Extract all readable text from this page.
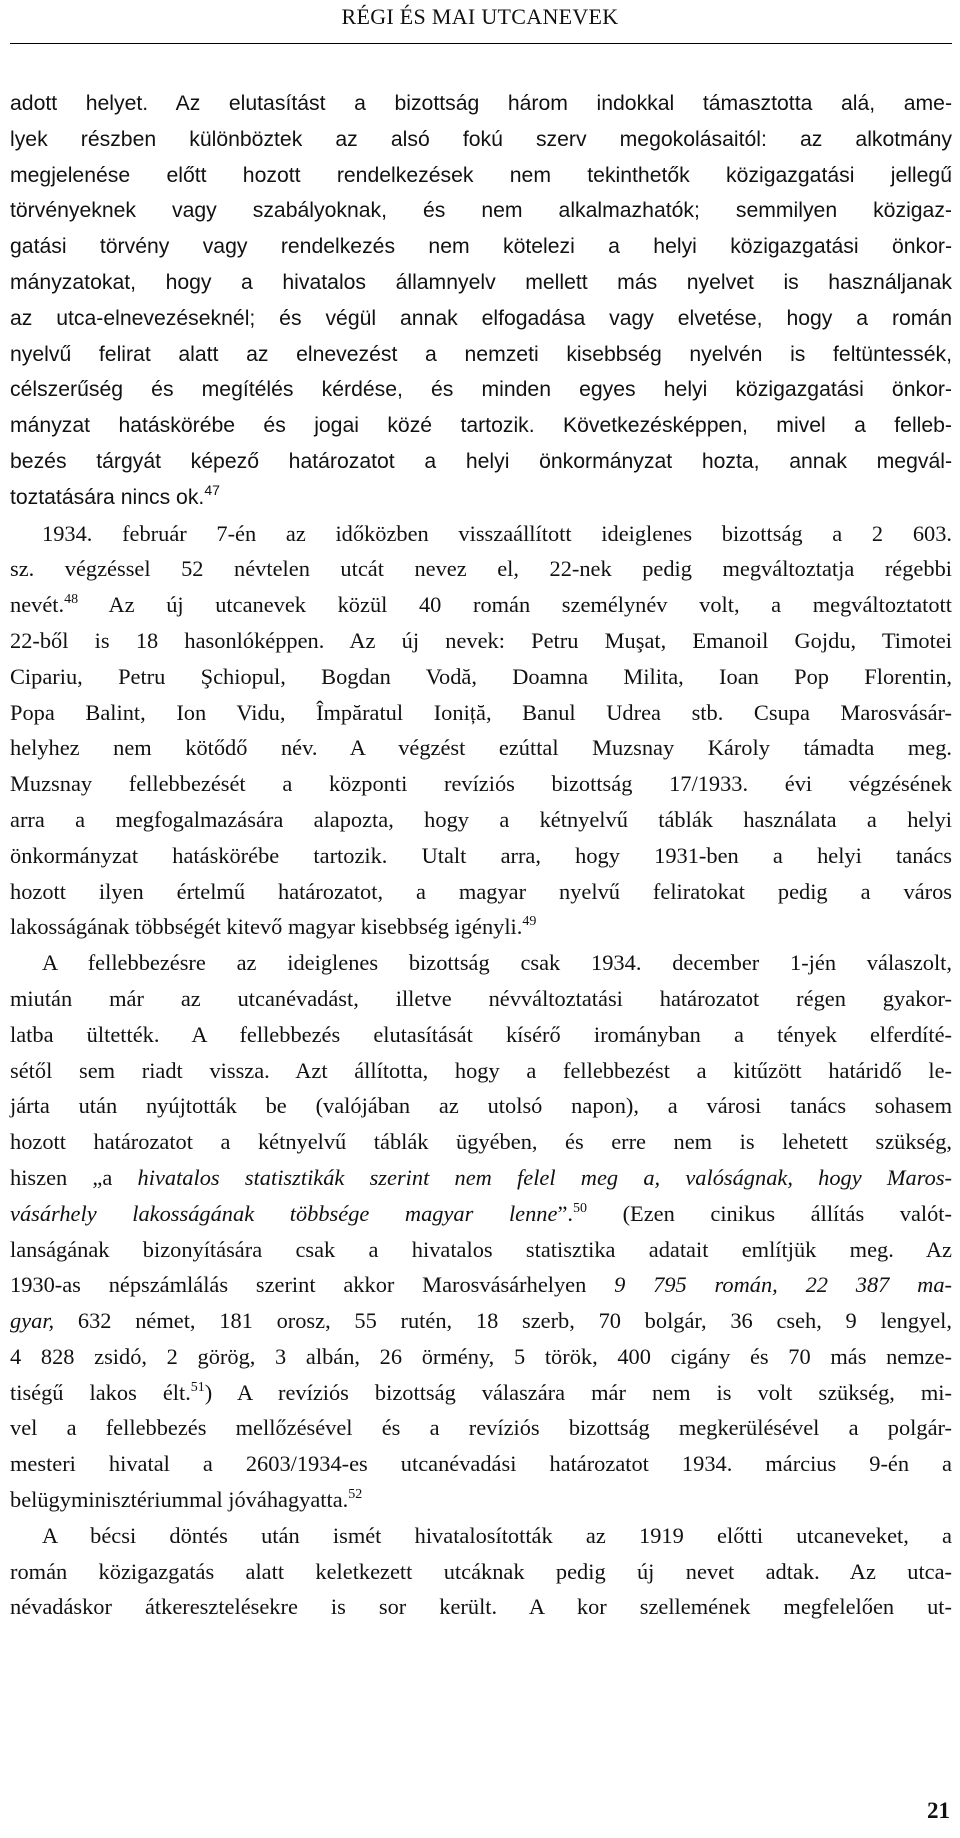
RÉGI ÉS MAI UTCANEVEK
adott helyet. Az elutasítást a bizottság három indokkal támasztotta alá, ame-
lyek részben különböztek az alsó fokú szerv megokolásaitól: az alkotmány
megjelenése előtt hozott rendelkezések nem tekinthetők közigazgatási jellegű
törvényeknek vagy szabályoknak, és nem alkalmazhatók; semmilyen közigaz-
gatási törvény vagy rendelkezés nem kötelezi a helyi közigazgatási önkor-
mányzatokat, hogy a hivatalos államnyelv mellett más nyelvet is használjanak
az utca-elnevezéseknél; és végül annak elfogadása vagy elvetése, hogy a román
nyelvű felirat alatt az elnevezést a nemzeti kisebbség nyelvén is feltüntessék,
célszerűség és megítélés kérdése, és minden egyes helyi közigazgatási önkor-
mányzat hatáskörébe és jogai közé tartozik. Következésképpen, mivel a felleb-
bezés tárgyát képező határozatot a helyi önkormányzat hozta, annak megvál-
toztatására nincs ok.$^{47}$
1934. február 7-én az időközben visszaállított ideiglenes bizottság a 2 603.
sz. végzéssel 52 névtelen utcát nevez el, 22-nek pedig megváltoztatja régebbi
nevét.$^{48}$ Az új utcanevek közül 40 román személynév volt, a megváltoztatott
22-ből is 18 hasonlóképpen. Az új nevek: Petru Muşat, Emanoil Gojdu, Timotei
Cipariu, Petru Şchiopul, Bogdan Vodă, Doamna Milita, Ioan Pop Florentin,
Popa Balint, Ion Vidu, Împăratul Ioniță, Banul Udrea stb. Csupa Marosvásár-
helyhez nem kötődő név. A végzést ezúttal Muzsnay Károly támadta meg.
Muzsnay fellebbezését a központi revíziós bizottság 17/1933. évi végzésének
arra a megfogalmazására alapozta, hogy a kétnyelvű táblák használata a helyi
önkormányzat hatáskörébe tartozik. Utalt arra, hogy 1931-ben a helyi tanács
hozott ilyen értelmű határozatot, a magyar nyelvű feliratokat pedig a város
lakosságának többségét kitevő magyar kisebbség igényli.$^{49}$
A fellebbezésre az ideiglenes bizottság csak 1934. december 1-jén válaszolt,
miután már az utcanévadást, illetve névváltoztatási határozatot régen gyakor-
latba ültették. A fellebbezés elutasítását kísérő irományban a tények elferdíté-
sétől sem riadt vissza. Azt állította, hogy a fellebbezést a kitűzött határidő le-
járta után nyújtották be (valójában az utolsó napon), a városi tanács sohasem
hozott határozatot a kétnyelvű táblák ügyében, és erre nem is lehetett szükség,
hiszen „a hivatalos statisztikák szerint nem felel meg a, valóságnak, hogy Maros-
vásárhely lakosságának többsége magyar lenne”.$^{50}$ (Ezen cinikus állítás valót-
lanságának bizonyítására csak a hivatalos statisztika adatait említjük meg. Az
1930-as népszámlálás szerint akkor Marosvásárhelyen 9 795 román, 22 387 ma-
gyar, 632 német, 181 orosz, 55 rutén, 18 szerb, 70 bolgár, 36 cseh, 9 lengyel,
4 828 zsidó, 2 görög, 3 albán, 26 örmény, 5 török, 400 cigány és 70 más nemze-
tiségű lakos élt.$^{51}$) A revíziós bizottság válaszára már nem is volt szükség, mi-
vel a fellebbezés mellőzésével és a revíziós bizottság megkerülésével a polgár-
mesteri hivatal a 2603/1934-es utcanévadási határozatot 1934. március 9-én a
belügyminisztériummal jóváhagyatta.$^{52}$
A bécsi döntés után ismét hivatalosították az 1919 előtti utcaneveket, a
román közigazgatás alatt keletkezett utcáknak pedig új nevet adtak. Az utca-
névadáskor átkeresztelésekre is sor került. A kor szellemének megfelelően ut-
21
